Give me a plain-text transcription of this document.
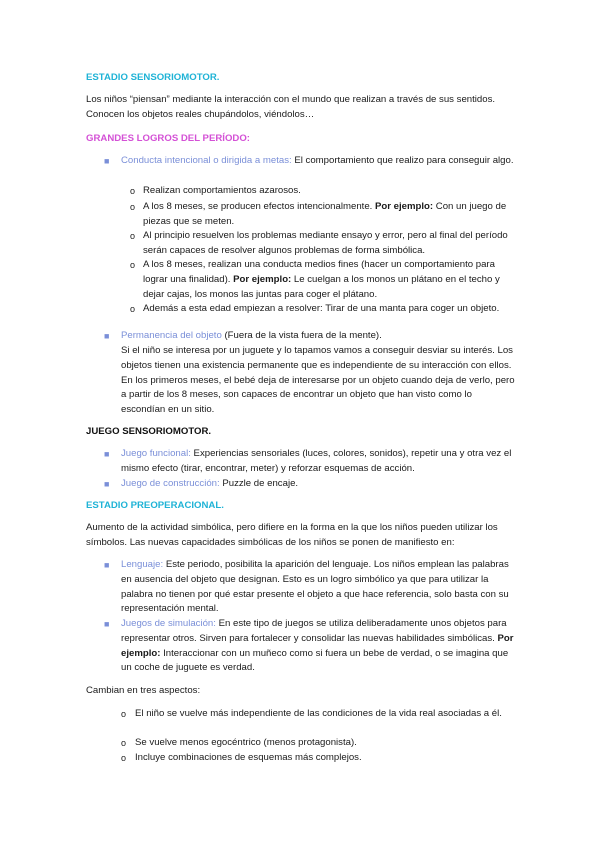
ESTADIO SENSORIOMOTOR.

Los niños “piensan” mediante la interacción con el mundo que realizan a través de sus sentidos. Conocen los objetos reales chupándolos, viéndolos…

GRANDES LOGROS DEL PERÍODO:
■ Conducta intencional o dirigida a metas: El comportamiento que realizo para conseguir algo.

o Realizan comportamientos azarosos.

o A los 8 meses, se producen efectos intencionalmente. Por ejemplo: Con un juego de piezas que se meten.

o Al principio resuelven los problemas mediante ensayo y error, pero al final del período serán capaces de resolver algunos problemas de forma simbólica.

o A los 8 meses, realizan una conducta medios fines (hacer un comportamiento para lograr una finalidad). Por ejemplo: Le cuelgan a los monos un plátano en el techo y dejar cajas, los monos las juntas para coger el plátano.

o Además a esta edad empiezan a resolver: Tirar de una manta para coger un objeto.

■ Permanencia del objeto (Fuera de la vista fuera de la mente).

Si el niño se interesa por un juguete y lo tapamos vamos a conseguir desviar su interés. Los objetos tienen una existencia permanente que es independiente de su interacción con ellos. En los primeros meses, el bebé deja de interesarse por un objeto cuando deja de verlo, pero a partir de los 8 meses, son capaces de encontrar un objeto que han visto como lo escondían en un sitio.

JUEGO SENSORIOMOTOR.
■ Juego funcional: Experiencias sensoriales (luces, colores, sonidos), repetir una y otra vez el mismo efecto (tirar, encontrar, meter) y reforzar esquemas de acción.

■ Juego de construcción: Puzzle de encaje.

ESTADIO PREOPERACIONAL.

Aumento de la actividad simbólica, pero difiere en la forma en la que los niños pueden utilizar los símbolos. Las nuevas capacidades simbólicas de los niños se ponen de manifiesto en:

■ Lenguaje: Este periodo, posibilita la aparición del lenguaje. Los niños emplean las palabras en ausencia del objeto que designan. Esto es un logro simbólico ya que para utilizar la palabra no tienen por qué estar presente el objeto a que hace referencia, solo basta con su representación mental.

■ Juegos de simulación: En este tipo de juegos se utiliza deliberadamente unos objetos para representar otros. Sirven para fortalecer y consolidar las nuevas habilidades simbólicas. Por ejemplo: Interaccionar con un muñeco como si fuera un bebe de verdad, o se imagina que un coche de juguete es verdad.

Cambian en tres aspectos:

o El niño se vuelve más independiente de las condiciones de la vida real asociadas a él.

o Se vuelve menos egocéntrico (menos protagonista).

o Incluye combinaciones de esquemas más complejos.
